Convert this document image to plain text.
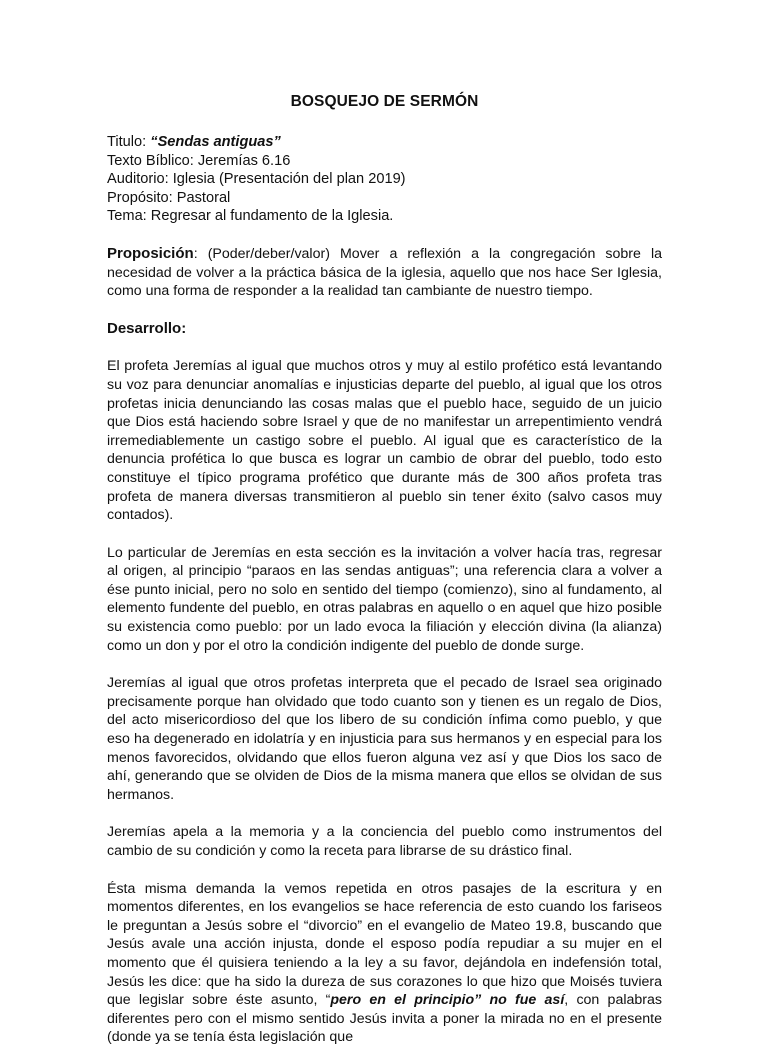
BOSQUEJO DE SERMÓN
Titulo: “Sendas antiguas”
Texto Bíblico: Jeremías 6.16
Auditorio: Iglesia (Presentación del plan 2019)
Propósito: Pastoral
Tema: Regresar al fundamento de la Iglesia.

Proposición: (Poder/deber/valor) Mover a reflexión a la congregación sobre la necesidad de volver a la práctica básica de la iglesia, aquello que nos hace Ser Iglesia, como una forma de responder a la realidad tan cambiante de nuestro tiempo.

Desarrollo:

El profeta Jeremías al igual que muchos otros y muy al estilo profético está levantando su voz para denunciar anomalías e injusticias departe del pueblo, al igual que los otros profetas inicia denunciando las cosas malas que el pueblo hace, seguido de un juicio que Dios está haciendo sobre Israel y que de no manifestar un arrepentimiento vendrá irremediablemente un castigo sobre el pueblo. Al igual que es característico de la denuncia profética lo que busca es lograr un cambio de obrar del pueblo, todo esto constituye el típico programa profético que durante más de 300 años profeta tras profeta de manera diversas transmitieron al pueblo sin tener éxito (salvo casos muy contados).

Lo particular de Jeremías en esta sección es la invitación a volver hacía tras, regresar al origen, al principio “paraos en las sendas antiguas”; una referencia clara a volver a ése punto inicial, pero no solo en sentido del tiempo (comienzo), sino al fundamento, al elemento fundente del pueblo, en otras palabras en aquello o en aquel que hizo posible su existencia como pueblo: por un lado evoca la filiación y elección divina (la alianza) como un don y por el otro la condición indigente del pueblo de donde surge.

Jeremías al igual que otros profetas interpreta que el pecado de Israel sea originado precisamente porque han olvidado que todo cuanto son y tienen es un regalo de Dios, del acto misericordioso del que los libero de su condición ínfima como pueblo, y que eso ha degenerado en idolatría y en injusticia para sus hermanos y en especial para los menos favorecidos, olvidando que ellos fueron alguna vez así y que Dios los saco de ahí, generando que se olviden de Dios de la misma manera que ellos se olvidan de sus hermanos.

Jeremías apela a la memoria y a la conciencia del pueblo como instrumentos del cambio de su condición y como la receta para librarse de su drástico final.

Ésta misma demanda la vemos repetida en otros pasajes de la escritura y en momentos diferentes, en los evangelios se hace referencia de esto cuando los fariseos le preguntan a Jesús sobre el “divorcio” en el evangelio de Mateo 19.8, buscando que Jesús avale una acción injusta, donde el esposo podía repudiar a su mujer en el momento que él quisiera teniendo a la ley a su favor, dejándola en indefensión total, Jesús les dice: que ha sido la dureza de sus corazones lo que hizo que Moisés tuviera que legislar sobre éste asunto, “pero en el principio” no fue así, con palabras diferentes pero con el mismo sentido Jesús invita a poner la mirada no en el presente (donde ya se tenía ésta legislación que
